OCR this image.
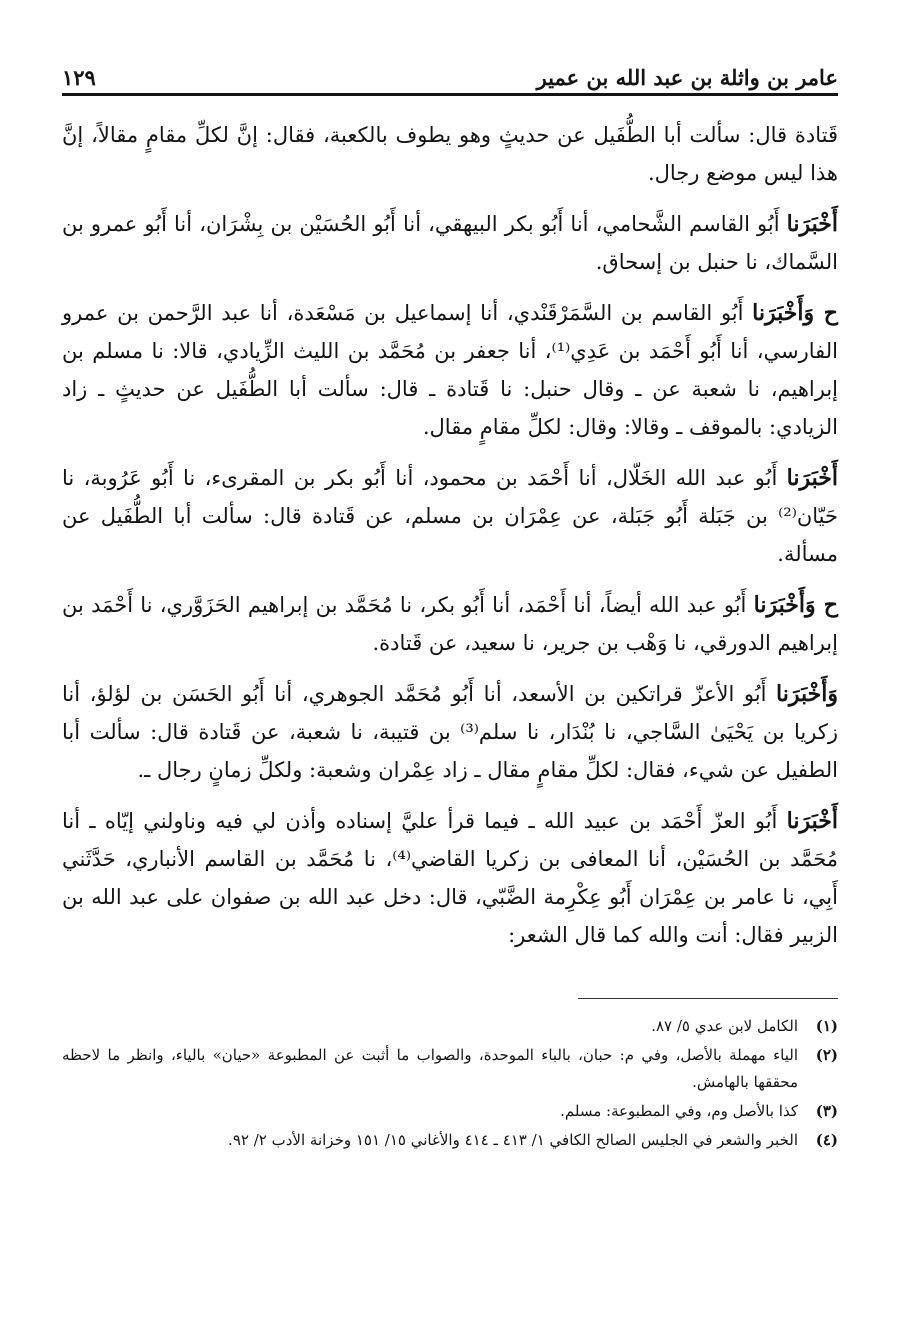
عامر بن واثلة بن عبد الله بن عمير
١٢٩

قَتادة قال: سألت أبا الطُّفَيل عن حديثٍ وهو يطوف بالكعبة، فقال: إنَّ لكلِّ مقامٍ مقالاً، إنَّ هذا ليس موضع رجال.

أَخْبَرَنا أَبُو القاسم الشَّحامي، أنا أَبُو بكر البيهقي، أنا أَبُو الحُسَيْن بن بِشْرَان، أنا أَبُو عمرو بن السَّماك، نا حنبل بن إسحاق.

ح وَأَخْبَرَنا أَبُو القاسم بن السَّمَرْقَنْدي، أنا إسماعيل بن مَسْعَدة، أنا عبد الرَّحمن بن عمرو الفارسي، أنا أَبُو أَحْمَد بن عَدِي⁽¹⁾، أنا جعفر بن مُحَمَّد بن الليث الزِّيادي، قالا: نا مسلم بن إبراهيم، نا شعبة عن ـ وقال حنبل: نا قَتادة ـ قال: سألت أبا الطُّفَيل عن حديثٍ ـ زاد الزيادي: بالموقف ـ وقالا: وقال: لكلِّ مقامٍ مقال.

أَخْبَرَنا أَبُو عبد الله الخَلّال، أنا أَحْمَد بن محمود، أنا أَبُو بكر بن المقرىء، نا أَبُو عَرُوبة، نا حَيّان⁽²⁾ بن جَبَلة أَبُو جَبَلة، عن عِمْرَان بن مسلم، عن قَتادة قال: سألت أبا الطُّفَيل عن مسألة.

ح وَأَخْبَرَنا أَبُو عبد الله أيضاً، أنا أَحْمَد، أنا أَبُو بكر، نا مُحَمَّد بن إبراهيم الحَزَوَّري، نا أَحْمَد بن إبراهيم الدورقي، نا وَهْب بن جرير، نا سعيد، عن قَتادة.

وَأَخْبَرَنا أَبُو الأعزّ قراتكين بن الأسعد، أنا أَبُو مُحَمَّد الجوهري، أنا أَبُو الحَسَن بن لؤلؤ، أنا زكريا بن يَحْيَىٰ السَّاجي، نا بُنْدَار، نا سلم⁽³⁾ بن قتيبة، نا شعبة، عن قَتادة قال: سألت أبا الطفيل عن شيء، فقال: لكلِّ مقامٍ مقال ـ زاد عِمْران وشعبة: ولكلِّ زمانٍ رجال ـ.

أَخْبَرَنا أَبُو العزّ أَحْمَد بن عبيد الله ـ فيما قرأ عليَّ إسناده وأذن لي فيه وناولني إيّاه ـ أنا مُحَمَّد بن الحُسَيْن، أنا المعافى بن زكريا القاضي⁽⁴⁾، نا مُحَمَّد بن القاسم الأنباري، حَدَّثَني أَبِي، نا عامر بن عِمْرَان أَبُو عِكْرِمة الضَّبّي، قال: دخل عبد الله بن صفوان على عبد الله بن الزبير فقال: أنت والله كما قال الشعر:

(١)
الكامل لابن عدي ٥/ ٨٧.
(٢)
الياء مهملة بالأصل، وفي م: حبان، بالباء الموحدة، والصواب ما أثبت عن المطبوعة «حيان» بالياء، وانظر ما لاحظه محققها بالهامش.
(٣)
كذا بالأصل وم، وفي المطبوعة: مسلم.
(٤)
الخبر والشعر في الجليس الصالح الكافي ١/ ٤١٣ ـ ٤١٤ والأغاني ١٥/ ١٥١ وخزانة الأدب ٢/ ٩٢.
